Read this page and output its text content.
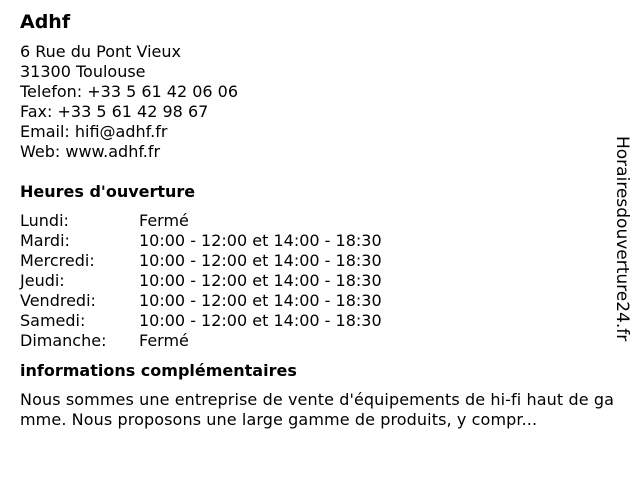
Adhf
6 Rue du Pont Vieux
31300 Toulouse
Telefon: +33 5 61 42 06 06
Fax: +33 5 61 42 98 67
Email: hifi@adhf.fr
Web: www.adhf.fr
Heures d'ouverture
Lundi:	Fermé
Mardi:	10:00 - 12:00 et 14:00 - 18:30
Mercredi:	10:00 - 12:00 et 14:00 - 18:30
Jeudi:	10:00 - 12:00 et 14:00 - 18:30
Vendredi:	10:00 - 12:00 et 14:00 - 18:30
Samedi:	10:00 - 12:00 et 14:00 - 18:30
Dimanche:	Fermé
informations complémentaires
Nous sommes une entreprise de vente d'équipements de hi-fi haut de gamme. Nous proposons une large gamme de produits, y compr...
Horairesdouverture24.fr
